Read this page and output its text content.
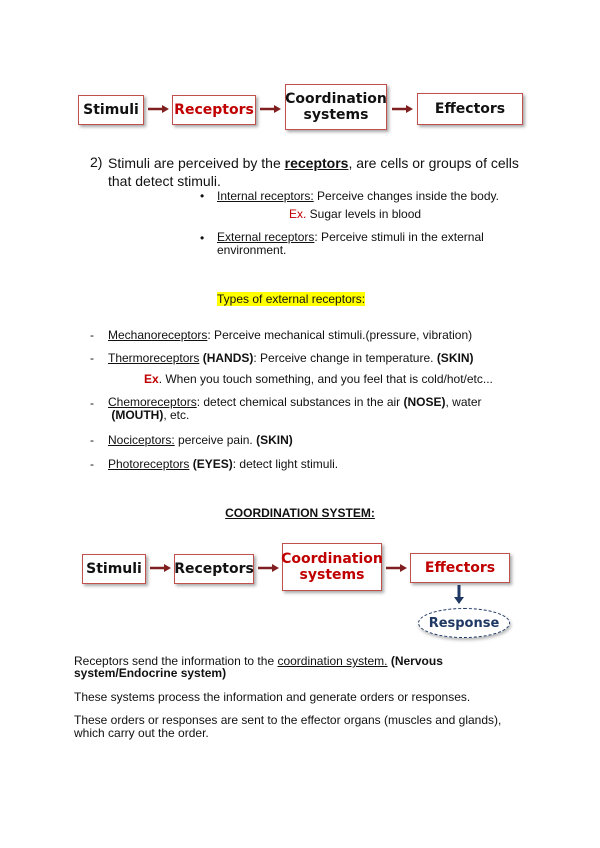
Stimuli	Receptors
Coordination
systems	Effectors
2) Stimuli are perceived by the receptors, are cells or groups of cells
that detect stimuli.
• Internal receptors: Perceive changes inside the body.
Ex. Sugar levels in blood
• External receptors: Perceive stimuli in the external
environment.
Types of external receptors:
- Mechanoreceptors: Perceive mechanical stimuli.(pressure, vibration)
- Thermoreceptors (HANDS): Perceive change in temperature. (SKIN)
Ex. When you touch something, and you feel that is cold/hot/etc...
- Chemoreceptors: detect chemical substances in the air (NOSE), water
(MOUTH), etc.
- Nociceptors: perceive pain. (SKIN)
- Photoreceptors (EYES): detect light stimuli.
COORDINATION SYSTEM:
Stimuli Receptors
Coordination
systems	Effectors
Response
Receptors send the information to the coordination system. (Nervous system/Endocrine system)
These systems process the information and generate orders or responses.
These orders or responses are sent to the effector organs (muscles and glands), which carry out the order.
